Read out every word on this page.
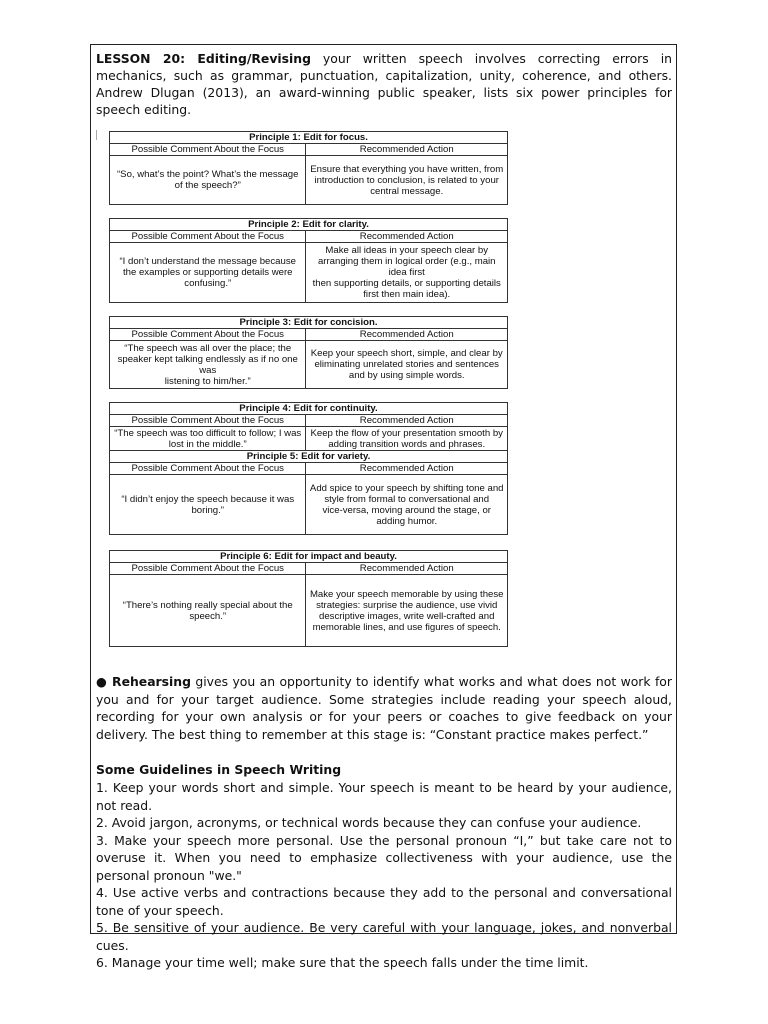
LESSON 20: Editing/Revising your written speech involves correcting errors in mechanics, such as grammar, punctuation, capitalization, unity, coherence, and others. Andrew Dlugan (2013), an award-winning public speaker, lists six power principles for speech editing.

Principle 1: Edit for focus.	
Possible Comment About the Focus	Recommended Action
“So, what’s the point? What’s the message of the speech?”	Ensure that everything you have written, from introduction to conclusion, is related to your
central message.
Principle 2: Edit for clarity.	
Possible Comment About the Focus	Recommended Action
“I don’t understand the message because the examples or supporting details were confusing.”	Make all ideas in your speech clear by arranging them in logical order (e.g., main idea first
then supporting details, or supporting details first then main idea).
Principle 3: Edit for concision.	
Possible Comment About the Focus	Recommended Action
“The speech was all over the place; the speaker kept talking endlessly as if no one was
listening to him/her.”	Keep your speech short, simple, and clear by eliminating unrelated stories and sentences
and by using simple words.
Principle 4: Edit for continuity.	
Possible Comment About the Focus	Recommended Action
“The speech was too difficult to follow; I was lost in the middle.”	Keep the flow of your presentation smooth by adding transition words and phrases.
Principle 5: Edit for variety.	
Possible Comment About the Focus	Recommended Action
“I didn’t enjoy the speech because it was boring.”	Add spice to your speech by shifting tone and style from formal to conversational and
vice-versa, moving around the stage, or adding humor.
Principle 6: Edit for impact and beauty.	
Possible Comment About the Focus	Recommended Action
“There’s nothing really special about the speech.”	Make your speech memorable by using these strategies: surprise the audience, use vivid
descriptive images, write well-crafted and memorable lines, and use figures of speech.

● Rehearsing gives you an opportunity to identify what works and what does not work for you and for your target audience. Some strategies include reading your speech aloud, recording for your own analysis or for your peers or coaches to give feedback on your delivery. The best thing to remember at this stage is: “Constant practice makes perfect.”

Some Guidelines in Speech Writing
1. Keep your words short and simple. Your speech is meant to be heard by your audience, not read.
2. Avoid jargon, acronyms, or technical words because they can confuse your audience.
3. Make your speech more personal. Use the personal pronoun “I,” but take care not to overuse it. When you need to emphasize collectiveness with your audience, use the personal pronoun "we."
4. Use active verbs and contractions because they add to the personal and conversational tone of your speech.
5. Be sensitive of your audience. Be very careful with your language, jokes, and nonverbal cues.
6. Manage your time well; make sure that the speech falls under the time limit.
